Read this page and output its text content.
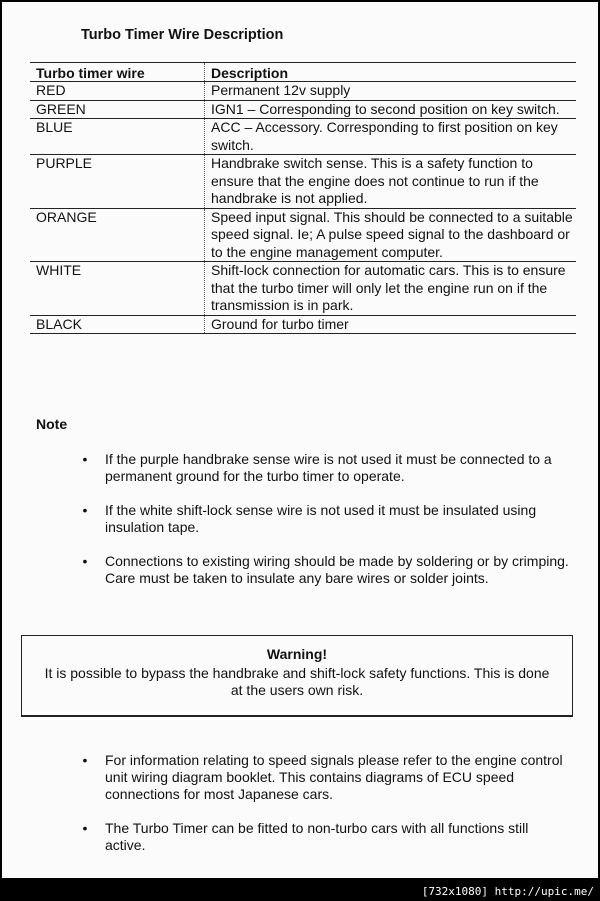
Turbo Timer Wire Description
Turbo timer wire	Description
RED	Permanent 12v supply
GREEN	IGN1 – Corresponding to second position on key switch.
BLUE	ACC – Accessory. Corresponding to first position on key switch.
PURPLE	Handbrake switch sense. This is a safety function to ensure that the engine does not continue to run if the handbrake is not applied.
ORANGE	Speed input signal. This should be connected to a suitable speed signal. Ie; A pulse speed signal to the dashboard or to the engine management computer.
WHITE	Shift-lock connection for automatic cars. This is to ensure that the turbo timer will only let the engine run on if the transmission is in park.
BLACK	Ground for turbo timer
Note
• If the purple handbrake sense wire is not used it must be connected to a permanent ground for the turbo timer to operate.
• If the white shift-lock sense wire is not used it must be insulated using insulation tape.
• Connections to existing wiring should be made by soldering or by crimping. Care must be taken to insulate any bare wires or solder joints.
Warning!
It is possible to bypass the handbrake and shift-lock safety functions. This is done at the users own risk.
• For information relating to speed signals please refer to the engine control unit wiring diagram booklet. This contains diagrams of ECU speed connections for most Japanese cars.
• The Turbo Timer can be fitted to non-turbo cars with all functions still active.
[732x1080] http://upic.me/
